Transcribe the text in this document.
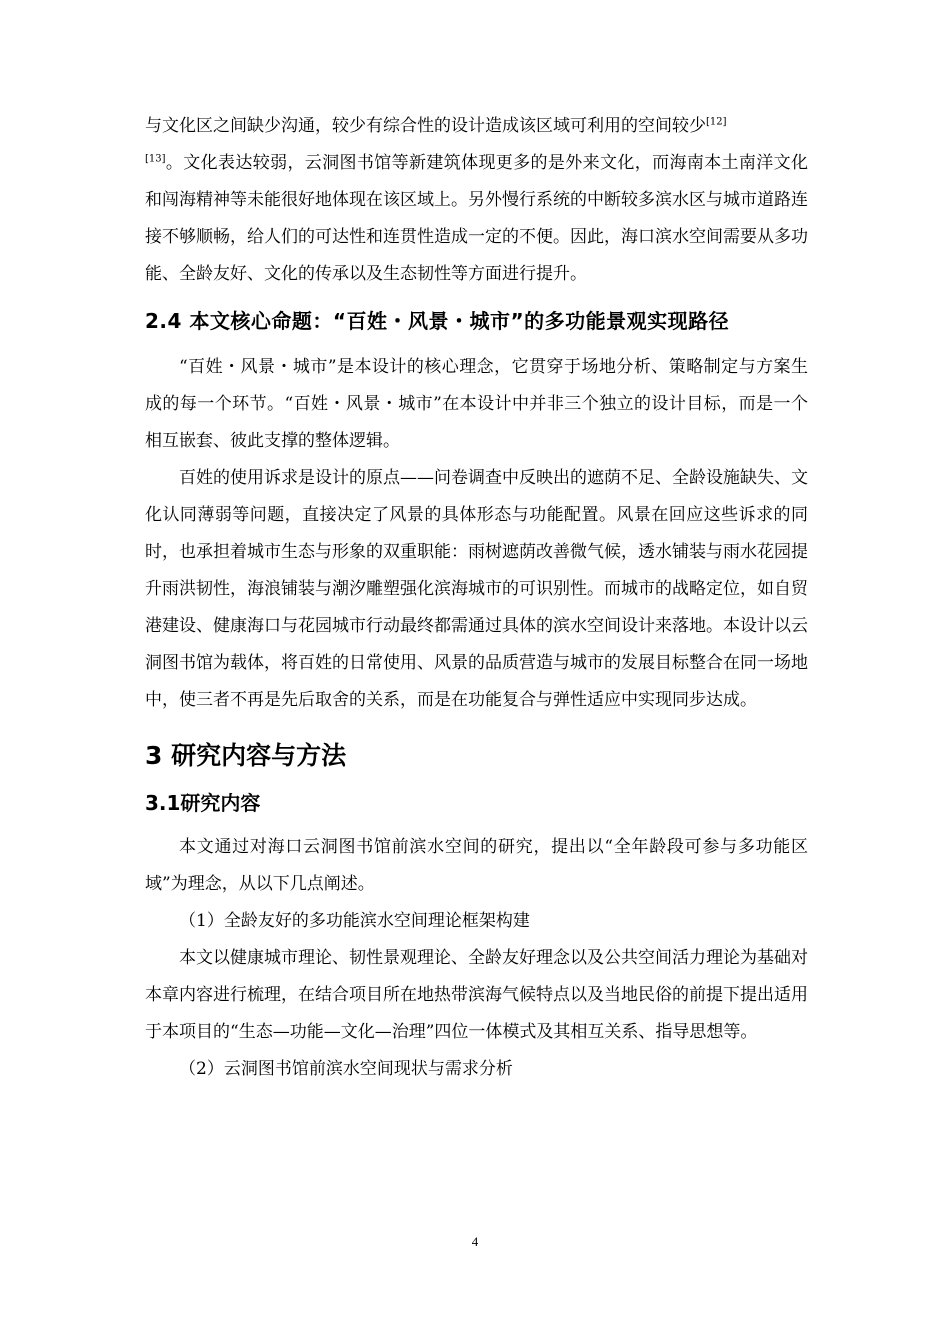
与文化区之间缺少沟通，较少有综合性的设计造成该区域可利用的空间较少[12]
[13]。文化表达较弱，云洞图书馆等新建筑体现更多的是外来文化，而海南本土南洋文化和闯海精神等未能很好地体现在该区域上。另外慢行系统的中断较多滨水区与城市道路连接不够顺畅，给人们的可达性和连贯性造成一定的不便。因此，海口滨水空间需要从多功能、全龄友好、文化的传承以及生态韧性等方面进行提升。

2.4 本文核心命题：“百姓・风景・城市”的多功能景观实现路径

“百姓・风景・城市”是本设计的核心理念，它贯穿于场地分析、策略制定与方案生成的每一个环节。“百姓・风景・城市”在本设计中并非三个独立的设计目标，而是一个相互嵌套、彼此支撑的整体逻辑。

百姓的使用诉求是设计的原点——问卷调查中反映出的遮荫不足、全龄设施缺失、文化认同薄弱等问题，直接决定了风景的具体形态与功能配置。风景在回应这些诉求的同时，也承担着城市生态与形象的双重职能：雨树遮荫改善微气候，透水铺装与雨水花园提升雨洪韧性，海浪铺装与潮汐雕塑强化滨海城市的可识别性。而城市的战略定位，如自贸港建设、健康海口与花园城市行动最终都需通过具体的滨水空间设计来落地。本设计以云洞图书馆为载体，将百姓的日常使用、风景的品质营造与城市的发展目标整合在同一场地中，使三者不再是先后取舍的关系，而是在功能复合与弹性适应中实现同步达成。

3 研究内容与方法
3.1研究内容

本文通过对海口云洞图书馆前滨水空间的研究，提出以“全年龄段可参与多功能区域”为理念，从以下几点阐述。

（1）全龄友好的多功能滨水空间理论框架构建

本文以健康城市理论、韧性景观理论、全龄友好理念以及公共空间活力理论为基础对本章内容进行梳理，在结合项目所在地热带滨海气候特点以及当地民俗的前提下提出适用于本项目的“生态—功能—文化—治理”四位一体模式及其相互关系、指导思想等。

（2）云洞图书馆前滨水空间现状与需求分析

4
